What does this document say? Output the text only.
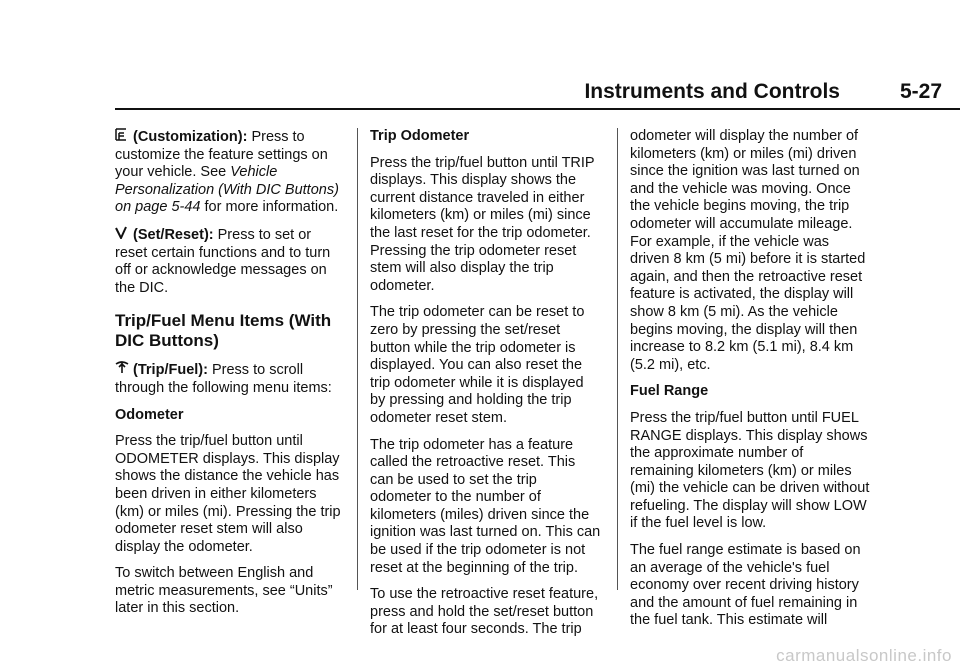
Instruments and Controls	5-27

(Customization): Press to customize the feature settings on your vehicle. See Vehicle Personalization (With DIC Buttons) on page 5-44 for more information.

(Set/Reset): Press to set or reset certain functions and to turn off or acknowledge messages on the DIC.

Trip/Fuel Menu Items (With DIC Buttons)

(Trip/Fuel): Press to scroll through the following menu items:

Odometer

Press the trip/fuel button until ODOMETER displays. This display shows the distance the vehicle has been driven in either kilometers (km) or miles (mi). Pressing the trip odometer reset stem will also display the odometer.

To switch between English and metric measurements, see “Units” later in this section.

Trip Odometer

Press the trip/fuel button until TRIP displays. This display shows the current distance traveled in either kilometers (km) or miles (mi) since the last reset for the trip odometer. Pressing the trip odometer reset stem will also display the trip odometer.

The trip odometer can be reset to zero by pressing the set/reset button while the trip odometer is displayed. You can also reset the trip odometer while it is displayed by pressing and holding the trip odometer reset stem.

The trip odometer has a feature called the retroactive reset. This can be used to set the trip odometer to the number of kilometers (miles) driven since the ignition was last turned on. This can be used if the trip odometer is not reset at the beginning of the trip.

To use the retroactive reset feature, press and hold the set/reset button for at least four seconds. The trip

odometer will display the number of kilometers (km) or miles (mi) driven since the ignition was last turned on and the vehicle was moving. Once the vehicle begins moving, the trip odometer will accumulate mileage. For example, if the vehicle was driven 8 km (5 mi) before it is started again, and then the retroactive reset feature is activated, the display will show 8 km (5 mi). As the vehicle begins moving, the display will then increase to 8.2 km (5.1 mi), 8.4 km (5.2 mi), etc.

Fuel Range

Press the trip/fuel button until FUEL RANGE displays. This display shows the approximate number of remaining kilometers (km) or miles (mi) the vehicle can be driven without refueling. The display will show LOW if the fuel level is low.

The fuel range estimate is based on an average of the vehicle's fuel economy over recent driving history and the amount of fuel remaining in the fuel tank. This estimate will

carmanualsonline.info
